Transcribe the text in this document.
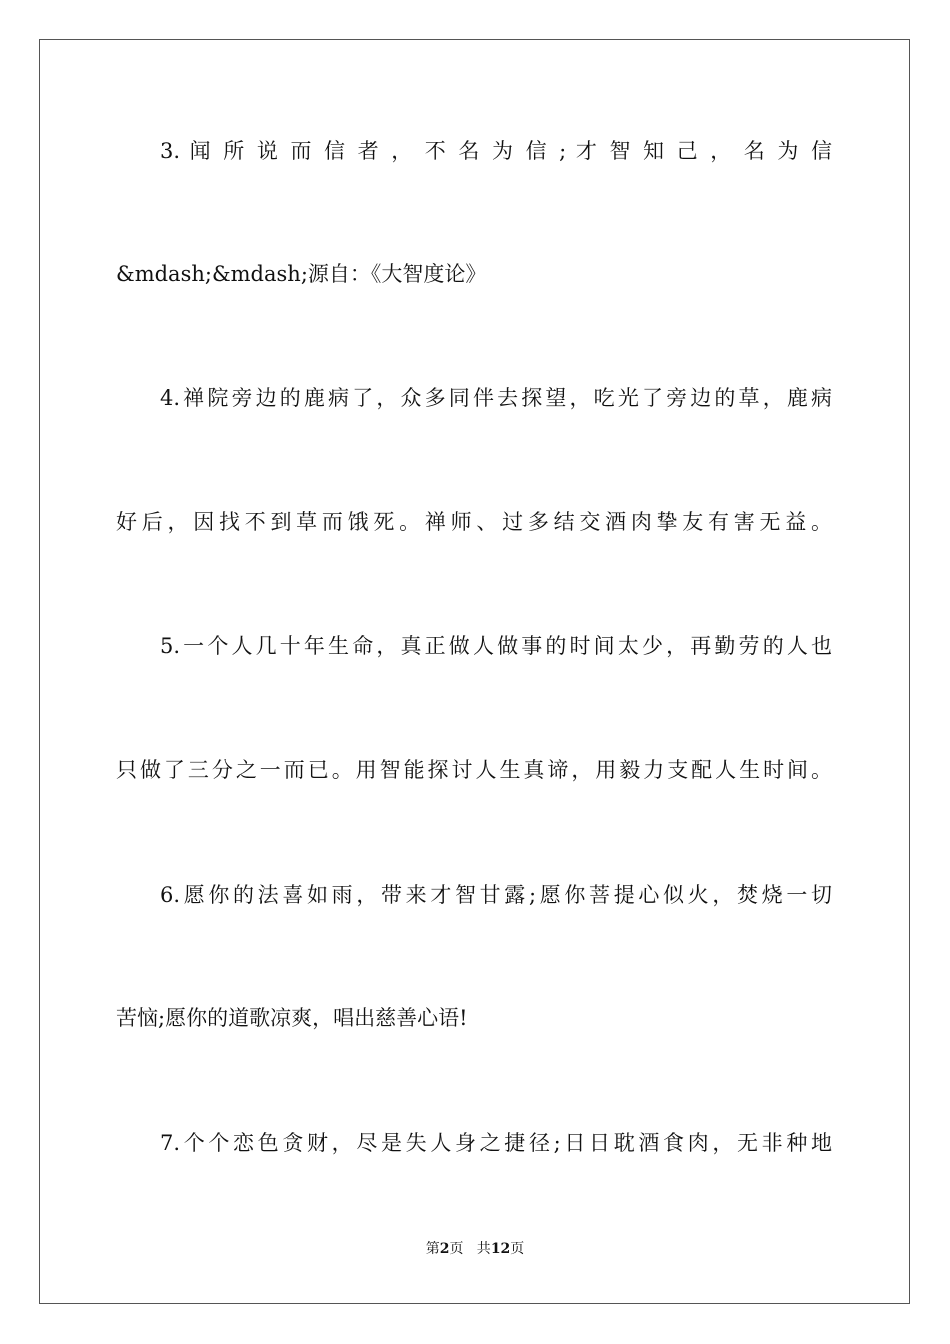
3. 闻 所 说 而 信 者 ， 不 名 为 信 ; 才 智 知 己 ， 名 为 信
&mdash;&mdash;源自：《大智度论》
4.禅院旁边的鹿病了，众多同伴去探望，吃光了旁边的草，鹿病
好后，因找不到草而饿死。禅师、过多结交酒肉挚友有害无益。
5.一个人几十年生命，真正做人做事的时间太少，再勤劳的人也
只做了三分之一而已。用智能探讨人生真谛，用毅力支配人生时间。
6.愿你的法喜如雨，带来才智甘露;愿你菩提心似火，焚烧一切
苦恼;愿你的道歌凉爽，唱出慈善心语!
7.个个恋色贪财，尽是失人身之捷径;日日耽酒食肉，无非种地
第2页   共12页
